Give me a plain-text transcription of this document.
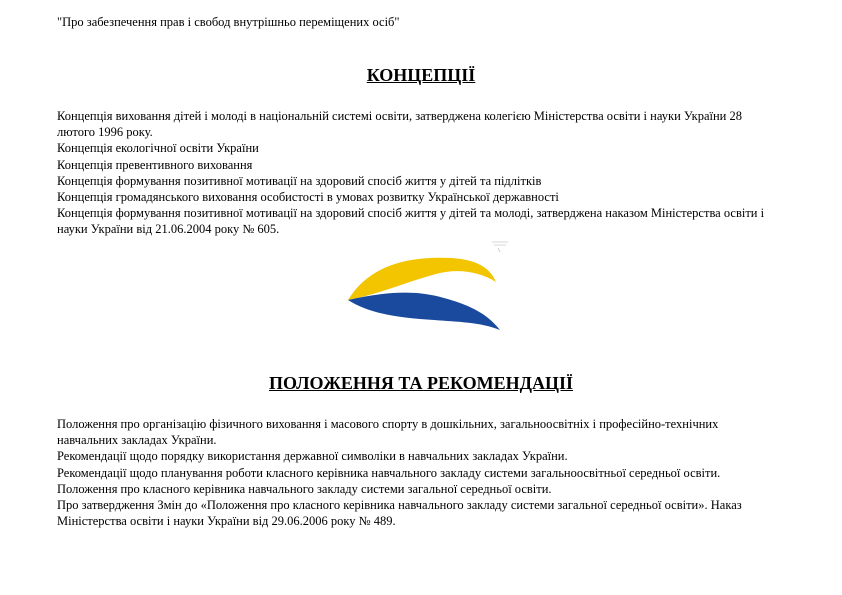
"Про забезпечення прав і свобод внутрішньо переміщених осіб"
КОНЦЕПЦІЇ
Концепція виховання дітей і молоді в національній системі освіти, затверджена колегією Міністерства освіти і науки України 28 лютого 1996 року.
Концепція екологічної освіти України
Концепція превентивного виховання
Концепція формування позитивної мотивації на здоровий спосіб життя у дітей та підлітків
Концепція громадянського виховання особистості в умовах розвитку Української державності
Концепція формування позитивної мотивації на здоровий спосіб життя у дітей та молоді, затверджена наказом Міністерства освіти і науки України від 21.06.2004 року № 605.
ПОЛОЖЕННЯ ТА РЕКОМЕНДАЦІЇ
Положення про організацію фізичного виховання і масового спорту в дошкільних, загальноосвітніх і професійно-технічних навчальних закладах України.
Рекомендації щодо порядку використання державної символіки в навчальних закладах України.
Рекомендації щодо планування роботи класного керівника навчального закладу системи загальноосвітньої середньої освіти.
Положення про класного керівника навчального закладу системи загальної середньої освіти.
Про затвердження Змін до «Положення про класного керівника навчального закладу системи загальної середньої освіти». Наказ Міністерства освіти і науки України від 29.06.2006 року № 489.
